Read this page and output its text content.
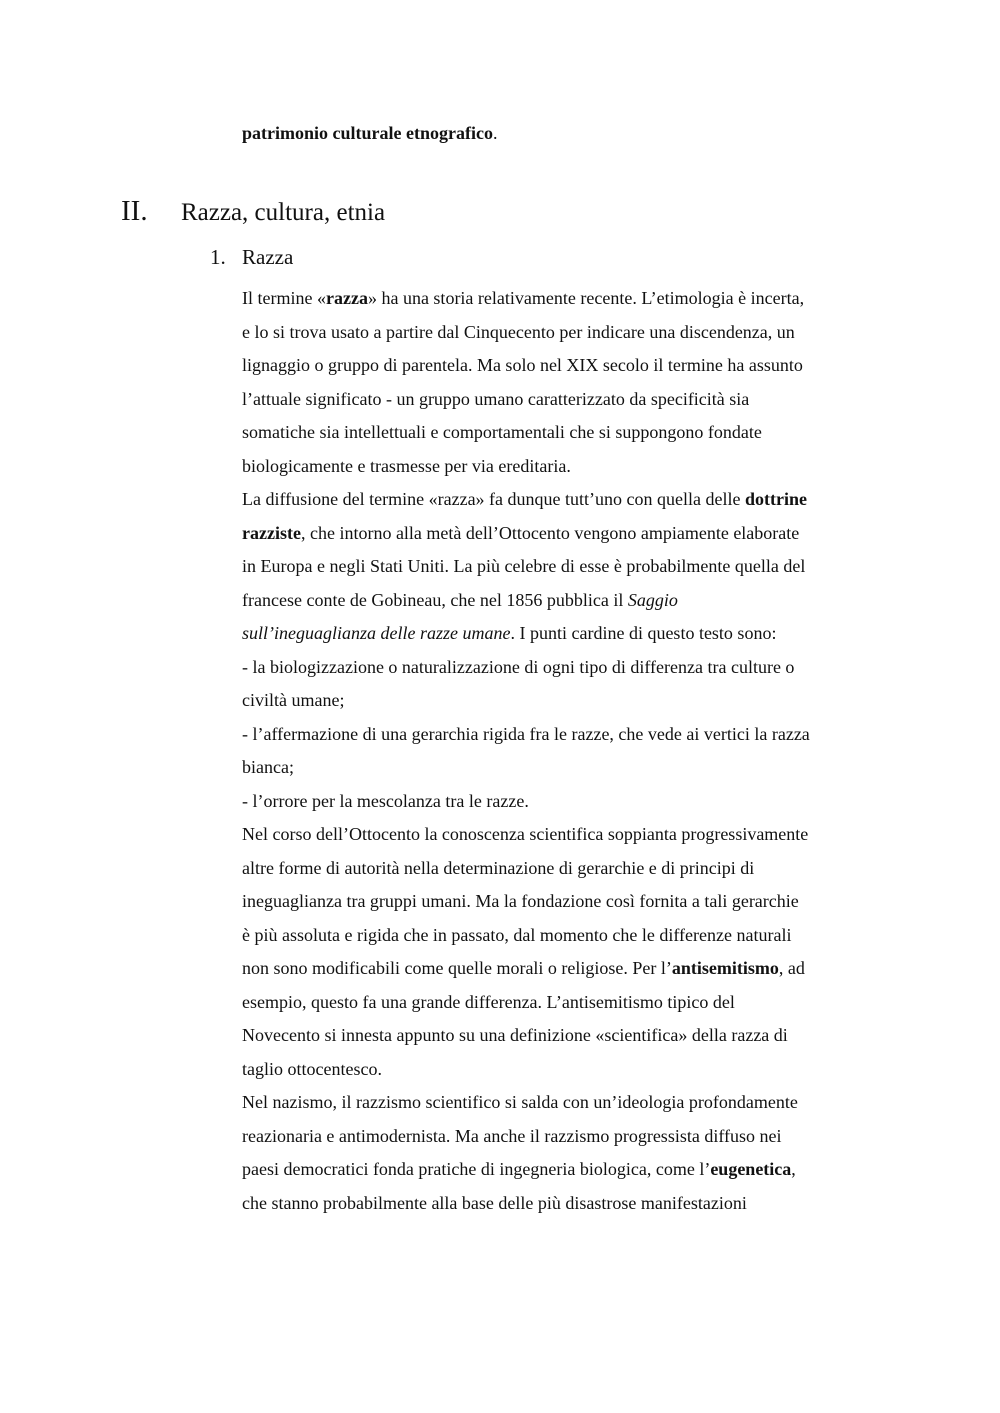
patrimonio culturale etnografico.
II. Razza, cultura, etnia
1. Razza
Il termine «razza» ha una storia relativamente recente. L’etimologia è incerta,
e lo si trova usato a partire dal Cinquecento per indicare una discendenza, un
lignaggio o gruppo di parentela. Ma solo nel XIX secolo il termine ha assunto
l’attuale significato - un gruppo umano caratterizzato da specificità sia
somatiche sia intellettuali e comportamentali che si suppongono fondate
biologicamente e trasmesse per via ereditaria.
La diffusione del termine «razza» fa dunque tutt’uno con quella delle dottrine
razziste, che intorno alla metà dell’Ottocento vengono ampiamente elaborate
in Europa e negli Stati Uniti. La più celebre di esse è probabilmente quella del
francese conte de Gobineau, che nel 1856 pubblica il Saggio
sull’ineguaglianza delle razze umane. I punti cardine di questo testo sono:
- la biologizzazione o naturalizzazione di ogni tipo di differenza tra culture o
civiltà umane;
- l’affermazione di una gerarchia rigida fra le razze, che vede ai vertici la razza
bianca;
- l’orrore per la mescolanza tra le razze.
Nel corso dell’Ottocento la conoscenza scientifica soppianta progressivamente
altre forme di autorità nella determinazione di gerarchie e di principi di
ineguaglianza tra gruppi umani. Ma la fondazione così fornita a tali gerarchie
è più assoluta e rigida che in passato, dal momento che le differenze naturali
non sono modificabili come quelle morali o religiose. Per l’antisemitismo, ad
esempio, questo fa una grande differenza. L’antisemitismo tipico del
Novecento si innesta appunto su una definizione «scientifica» della razza di
taglio ottocentesco.
Nel nazismo, il razzismo scientifico si salda con un’ideologia profondamente
reazionaria e antimodernista. Ma anche il razzismo progressista diffuso nei
paesi democratici fonda pratiche di ingegneria biologica, come l’eugenetica,
che stanno probabilmente alla base delle più disastrose manifestazioni
